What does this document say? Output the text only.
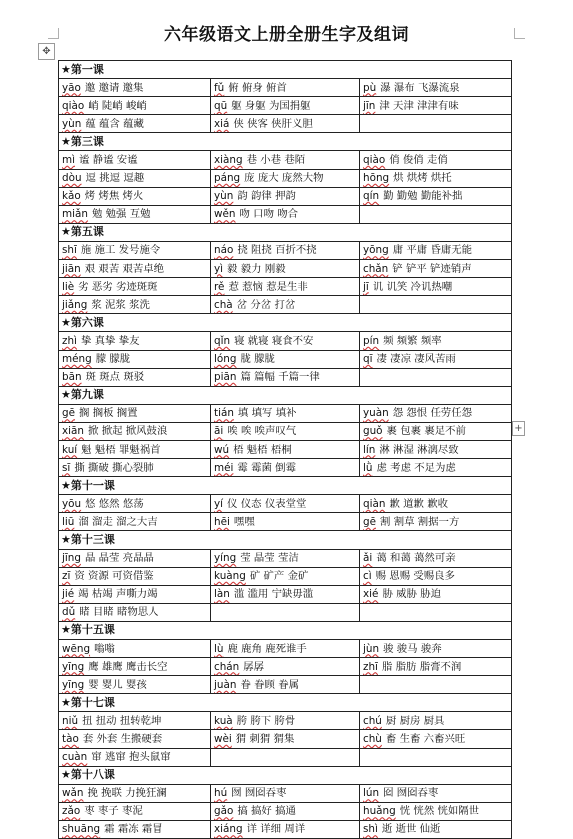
六年级语文上册全册生字及组词
✥
+
★第一课		
yāo 邀 邀请 邀集	fǔ 俯 俯身 俯首	pù 瀑 瀑布 飞瀑流泉
qiào 峭 陡峭 峻峭	qū 躯 身躯 为国捐躯	jīn 津 天津 津津有味
yùn 蕴 蕴含 蕴藏	xiá 侠 侠客 侠肝义胆	
★第三课		
mì 谧 静谧 安谧	xiàng 巷 小巷 巷陌	qiào 俏 俊俏 走俏
dòu 逗 挑逗 逗趣	páng 庞 庞大 庞然大物	hōng 烘 烘烤 烘托
kǎo 烤 烤焦 烤火	yùn 韵 韵律 押韵	qín 勤 勤勉 勤能补拙
miǎn 勉 勉强 互勉	wěn 吻 口吻 吻合	
★第五课		
shī 施 施工 发号施令	náo 挠 阻挠 百折不挠	yōng 庸 平庸 昏庸无能
jiān 艰 艰苦 艰苦卓绝	yì 毅 毅力 刚毅	chǎn 铲 铲平 铲迹销声
liè 劣 恶劣 劣迹斑斑	rě 惹 惹恼 惹是生非	jī 讥 讥笑 冷讥热嘲
jiǎng 浆 泥浆 浆洗	chà 岔 分岔 打岔	
★第六课		
zhì 挚 真挚 挚友	qǐn 寝 就寝 寝食不安	pín 频 频繁 频率
méng 朦 朦胧	lóng 胧 朦胧	qī 凄 凄凉 凄风苦雨
bān 斑 斑点 斑驳	piān 篇 篇幅 千篇一律	
★第九课		
gē 搁 搁板 搁置	tián 填 填写 填补	yuàn 怨 怨恨 任劳任怨
xiān 掀 掀起 掀风鼓浪	āi 唉 唉 唉声叹气	guǒ 裹 包裹 裹足不前
kuí 魁 魁梧 罪魁祸首	wú 梧 魁梧 梧桐	lín 淋 淋湿 淋漓尽致
sī 撕 撕破 撕心裂肺	méi 霉 霉菌 倒霉	lǜ 虑 考虑 不足为虑
★第十一课		
yōu 悠 悠然 悠荡	yí 仪 仪态 仪表堂堂	qiàn 歉 道歉 歉收
liū 溜 溜走 溜之大吉	hēi 嘿嘿	gē 割 割草 割据一方
★第十三课		
jīng 晶 晶莹 亮晶晶	yíng 莹 晶莹 莹洁	ǎi 蔼 和蔼 蔼然可亲
zī 资 资源 可资借鉴	kuàng 矿 矿产 金矿	cì 赐 恩赐 受赐良多
jié 竭 枯竭 声嘶力竭	làn 滥 滥用 宁缺毋滥	xié 胁 威胁 胁迫
dǔ 睹 目睹 睹物思人		
★第十五课		
wēng 嗡嗡	lù 鹿 鹿角 鹿死谁手	jùn 骏 骏马 骏奔
yīng 鹰 雄鹰 鹰击长空	chán 孱孱	zhī 脂 脂肪 脂膏不润
yīng 婴 婴儿 婴孩	juàn 眷 眷顾 眷属	
★第十七课		
niǔ 扭 扭动 扭转乾坤	kuà 胯 胯下 胯骨	chú 厨 厨房 厨具
tào 套 外套 生搬硬套	wèi 猬 刺猬 猬集	chù 畜 生畜 六畜兴旺
cuàn 窜 逃窜 抱头鼠窜		
★第十八课		
wǎn 挽 挽联 力挽狂澜	hú 囫 囫囵吞枣	lún 囵 囫囵吞枣
zǎo 枣 枣子 枣泥	gǎo 搞 搞好 搞通	huǎng 恍 恍然 恍如隔世
shuāng 霜 霜冻 霜冒	xiáng 详 详细 周详	shì 逝 逝世 仙逝
